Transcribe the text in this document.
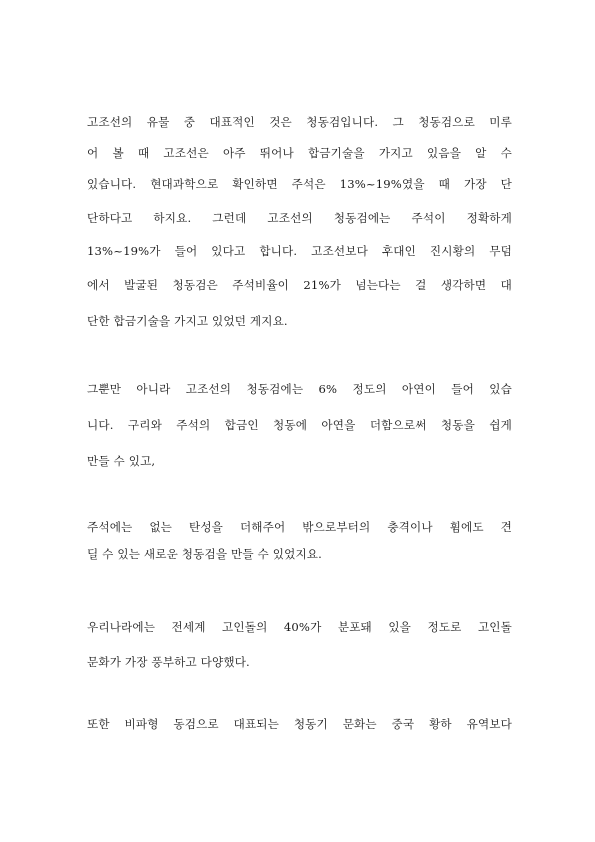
고조선의 유물 중 대표적인 것은 청동검입니다. 그 청동검으로 미루
어 볼 때 고조선은 아주 뛰어나 합금기술을 가지고 있음을 알 수
있습니다. 현대과학으로 확인하면 주석은 13%~19%였을 때 가장 단
단하다고 하지요. 그런데 고조선의 청동검에는 주석이 정확하게
13%~19%가 들어 있다고 합니다. 고조선보다 후대인 진시황의 무덤
에서 발굴된 청동검은 주석비율이 21%가 넘는다는 걸 생각하면 대
단한 합금기술을 가지고 있었던 게지요.
그뿐만 아니라 고조선의 청동검에는 6% 정도의 아연이 들어 있습
니다. 구리와 주석의 합금인 청동에 아연을 더함으로써 청동을 쉽게
만들 수 있고,
주석에는 없는 탄성을 더해주어 밖으로부터의 충격이나 휨에도 견
딜 수 있는 새로운 청동검을 만들 수 있었지요.
우리나라에는 전세계 고인돌의 40%가 분포돼 있을 정도로 고인돌
문화가 가장 풍부하고 다양했다.
또한 비파형 동검으로 대표되는 청동기 문화는 중국 황하 유역보다
